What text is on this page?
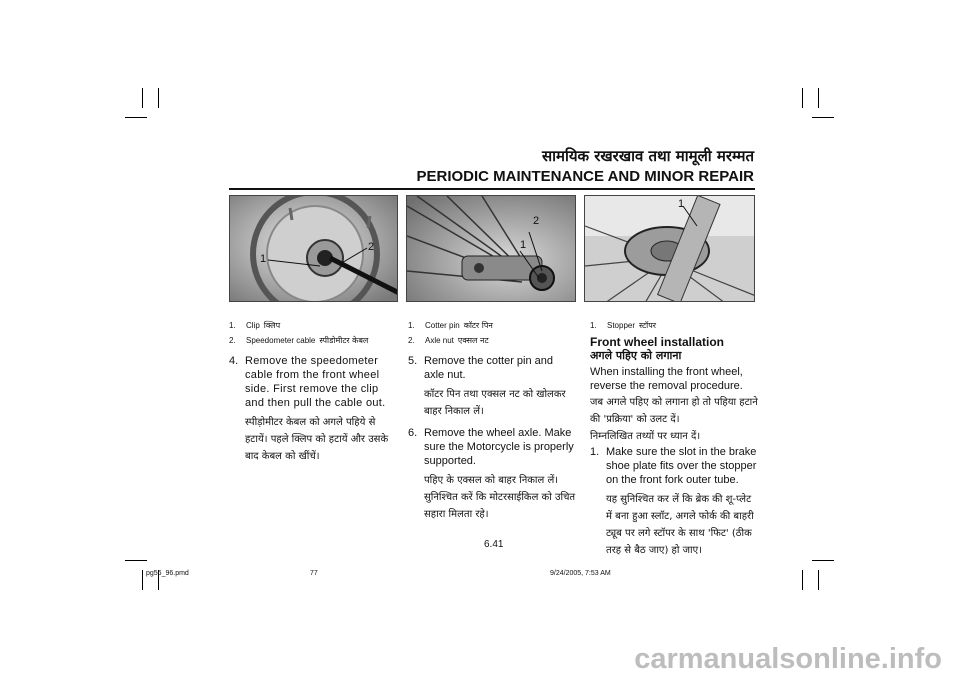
सामयिक रखरखाव तथा मामूली मरम्मत
PERIODIC MAINTENANCE AND MINOR REPAIR
1
2
2
1
1
1. Clip क्लिप
2. Speedometer cable स्पीडोमीटर केबल
4. Remove the speedometer cable from the front wheel side. First remove the clip and then pull the cable out.
स्पीड़ोमीटर केबल को अगले पहिये से हटायें। पहले क्लिप को हटायें और उसके बाद केबल को खींचें।
1. Cotter pin कॉटर पिन
2. Axle nut एक्सल नट
5. Remove the cotter pin and axle nut.
कॉटर पिन तथा एक्सल नट को खोलकर बाहर निकाल लें।
6. Remove the wheel axle. Make sure the Motorcycle is properly supported.
पहिए के एक्सल को बाहर निकाल लें। सुनिश्चित करें कि मोटरसाईकिल को उचित सहारा मिलता रहे।
1. Stopper स्टॉपर
Front wheel installation
अगले पहिए को लगाना
When installing the front wheel, reverse the removal procedure.
जब अगले पहिए को लगाना हो तो पहिया हटाने की 'प्रक्रिया' को उलट दें।
निम्नलिखित तथ्यों पर ध्यान दें।
1. Make sure the slot in the brake shoe plate fits over the stopper on the front fork outer tube.
यह सुनिश्चित कर लें कि ब्रेक की शू-प्लेट में बना हुआ स्लॉट, अगले फोर्क की बाहरी ट्यूब पर लगे स्टॉपर के साथ 'फिट' (ठीक तरह से बैठ जाए) हो जाए।
6.41
pg56_96.pmd	77	9/24/2005, 7:53 AM
carmanualsonline.info
